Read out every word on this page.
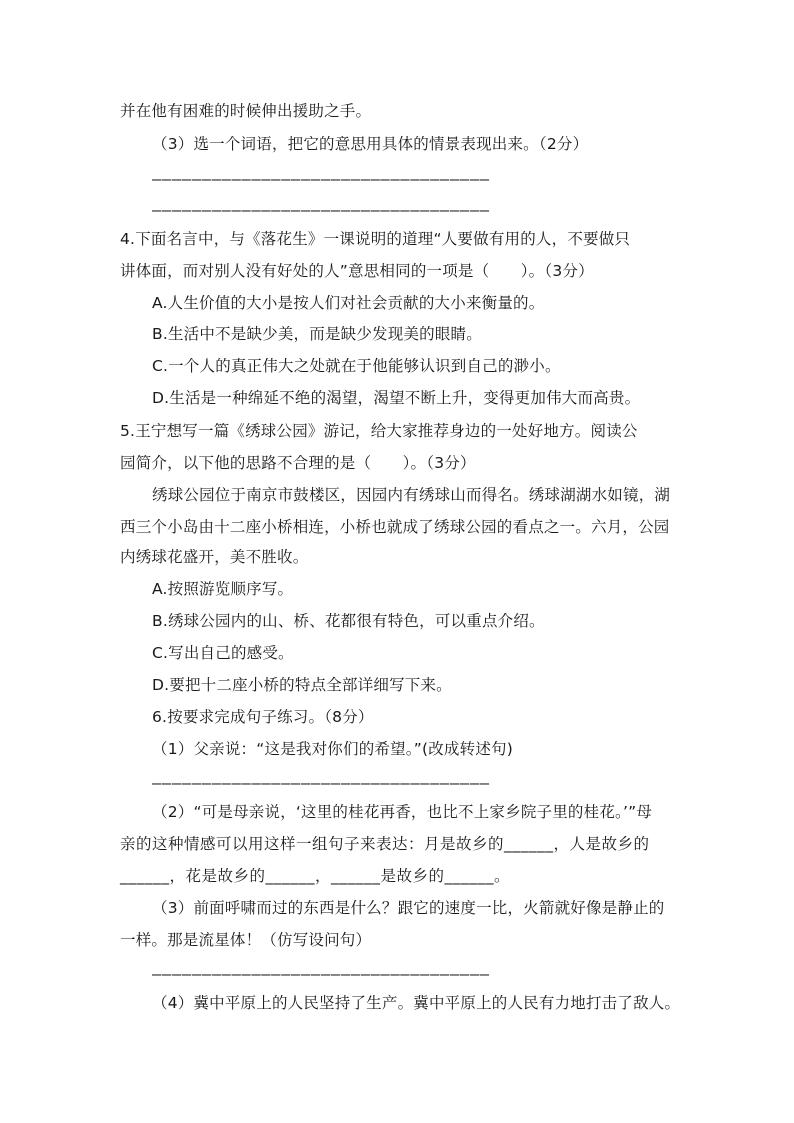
并在他有困难的时候伸出援助之手。
（3）选一个词语，把它的意思用具体的情景表现出来。（2分）
——————————————————————————————————
——————————————————————————————————
4.下面名言中，与《落花生》一课说明的道理“人要做有用的人，不要做只
讲体面，而对别人没有好处的人”意思相同的一项是（　　）。（3分）
A.人生价值的大小是按人们对社会贡献的大小来衡量的。
B.生活中不是缺少美，而是缺少发现美的眼睛。
C.一个人的真正伟大之处就在于他能够认识到自己的渺小。
D.生活是一种绵延不绝的渴望，渴望不断上升，变得更加伟大而高贵。
5.王宁想写一篇《绣球公园》游记，给大家推荐身边的一处好地方。阅读公
园简介，以下他的思路不合理的是（　　）。（3分）
绣球公园位于南京市鼓楼区，因园内有绣球山而得名。绣球湖湖水如镜，湖
西三个小岛由十二座小桥相连，小桥也就成了绣球公园的看点之一。六月，公园
内绣球花盛开，美不胜收。
A.按照游览顺序写。
B.绣球公园内的山、桥、花都很有特色，可以重点介绍。
C.写出自己的感受。
D.要把十二座小桥的特点全部详细写下来。
6.按要求完成句子练习。（8分）
（1）父亲说：“这是我对你们的希望。”(改成转述句)
——————————————————————————————————
（2）“可是母亲说，‘这里的桂花再香，也比不上家乡院子里的桂花。’”母
亲的这种情感可以用这样一组句子来表达：月是故乡的______，人是故乡的
______，花是故乡的______，______是故乡的______。
（3）前面呼啸而过的东西是什么？跟它的速度一比，火箭就好像是静止的
一样。那是流星体！（仿写设问句）
——————————————————————————————————
（4）冀中平原上的人民坚持了生产。冀中平原上的人民有力地打击了敌人。
